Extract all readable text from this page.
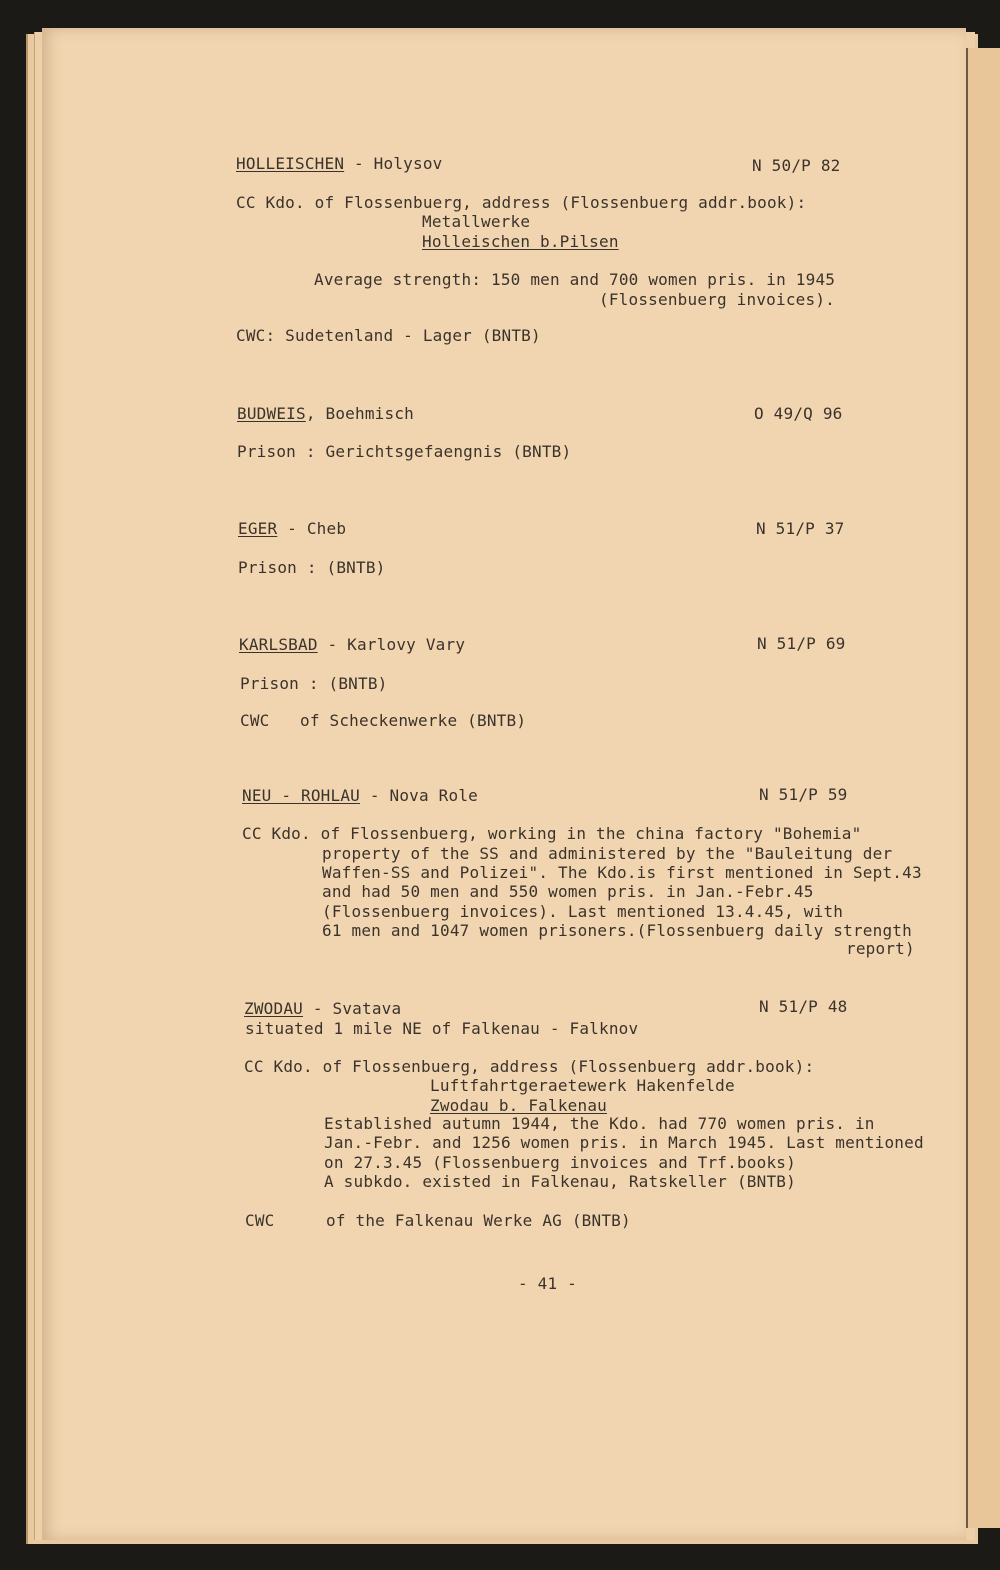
HOLLEISCHEN - Holysov	N 50/P 82
CC Kdo. of Flossenbuerg, address (Flossenbuerg addr.book):
Metallwerke
Holleischen b.Pilsen
Average strength: 150 men and 700 women pris. in 1945
(Flossenbuerg invoices).
CWC: Sudetenland - Lager (BNTB)
BUDWEIS, Boehmisch	O 49/Q 96
Prison : Gerichtsgefaengnis (BNTB)
EGER - Cheb	N 51/P 37
Prison : (BNTB)
KARLSBAD - Karlovy Vary	N 51/P 69
Prison : (BNTB)
CWC of Scheckenwerke (BNTB)
NEU - ROHLAU - Nova Role	N 51/P 59
CC Kdo. of Flossenbuerg, working in the china factory "Bohemia"
property of the SS and administered by the "Bauleitung der
Waffen-SS and Polizei". The Kdo.is first mentioned in Sept.43
and had 50 men and 550 women pris. in Jan.-Febr.45
(Flossenbuerg invoices). Last mentioned 13.4.45, with
61 men and 1047 women prisoners.(Flossenbuerg daily strength
report)
ZWODAU - Svatava	N 51/P 48
situated 1 mile NE of Falkenau - Falknov
CC Kdo. of Flossenbuerg, address (Flossenbuerg addr.book):
Luftfahrtgeraetewerk Hakenfelde
Zwodau b. Falkenau
Established autumn 1944, the Kdo. had 770 women pris. in
Jan.-Febr. and 1256 women pris. in March 1945. Last mentioned
on 27.3.45 (Flossenbuerg invoices and Trf.books)
A subkdo. existed in Falkenau, Ratskeller (BNTB)
CWC	of the Falkenau Werke AG (BNTB)
- 41 -
